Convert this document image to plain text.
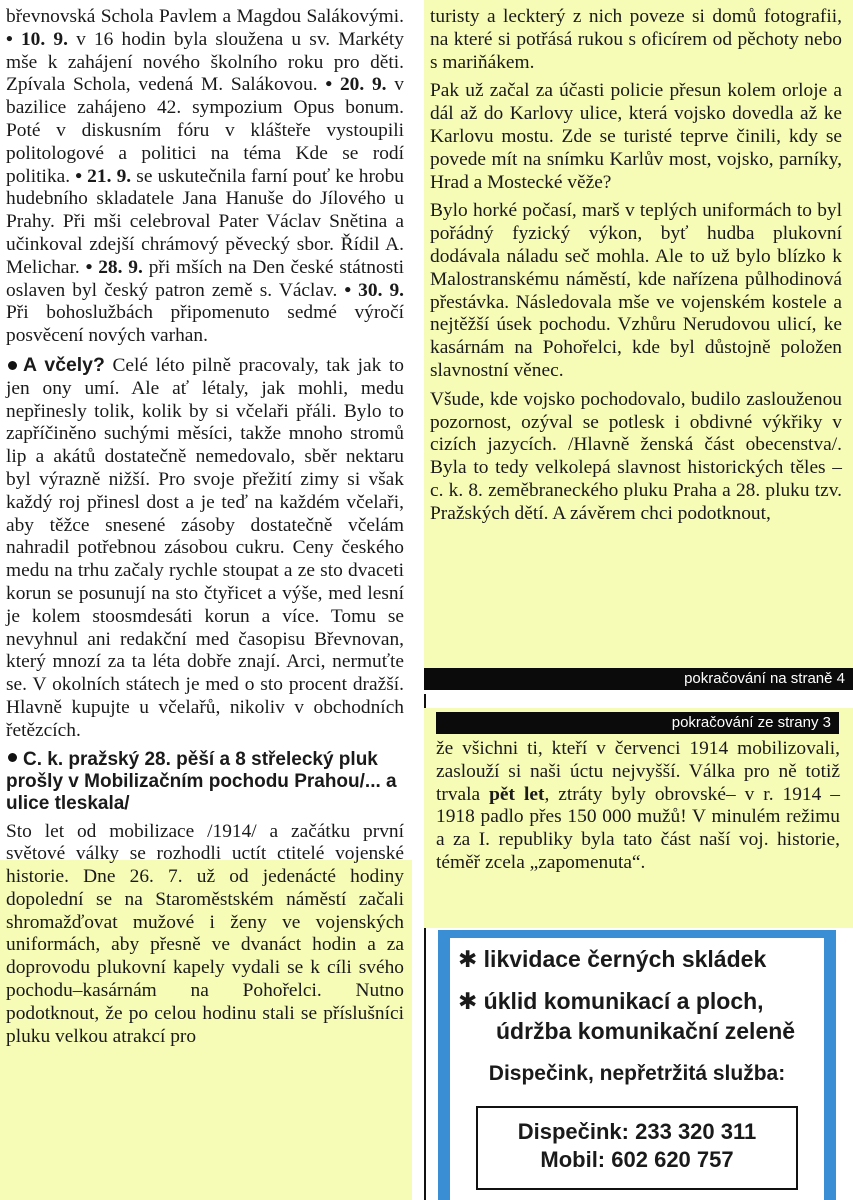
břevnovská Schola Pavlem a Magdou Salákovými. • 10. 9. v 16 hodin byla sloužena u sv. Markéty mše k zahájení nového školního roku pro děti. Zpívala Schola, vedená M. Salákovou. • 20. 9. v bazilice zahájeno 42. sympozium Opus bonum. Poté v diskusním fóru v klášteře vystoupili politologové a politici na téma Kde se rodí politika. • 21. 9. se uskutečnila farní pouť ke hrobu hudebního skladatele Jana Hanuše do Jílového u Prahy. Při mši celebroval Pater Václav Snětina a učinkoval zdejší chrámový pěvecký sbor. Řídil A. Melichar. • 28. 9. při mších na Den české státnosti oslaven byl český patron země s. Václav. • 30. 9. Při bohoslužbách připomenuto sedmé výročí posvěcení nových varhan.
A včely? Celé léto pilně pracovaly, tak jak to jen ony umí. Ale ať létaly, jak mohli, medu nepřinesly tolik, kolik by si včelaři přáli. Bylo to zapříčiněno suchými měsíci, takže mnoho stromů lip a akátů dostatečně nemedovalo, sběr nektaru byl výrazně nižší. Pro svoje přežití zimy si však každý roj přinesl dost a je teď na každém včelaři, aby těžce snesené zásoby dostatečně včelám nahradil potřebnou zásobou cukru. Ceny českého medu na trhu začaly rychle stoupat a ze sto dvaceti korun se posunují na sto čtyřicet a výše, med lesní je kolem stoosmdesáti korun a více. Tomu se nevyhnul ani redakční med časopisu Břevnovan, který mnozí za ta léta dobře znají. Arci, nermuťte se. V okolních státech je med o sto procent dražší. Hlavně kupujte u včelařů, nikoliv v obchodních řetězcích.
C. k. pražský 28. pěší a 8 střelecký pluk prošly v Mobilizačním pochodu Prahou/... a ulice tleskala/
Sto let od mobilizace /1914/ a začátku první světové války se rozhodli uctít ctitelé vojenské historie. Dne 26. 7. už od jedenácté hodiny dopolední se na Staroměstském náměstí začali shromažďovat mužové i ženy ve vojenských uniformách, aby přesně ve dvanáct hodin a za doprovodu plukovní kapely vydali se k cíli svého pochodu–kasárnám na Pohořelci. Nutno podotknout, že po celou hodinu stali se příslušníci pluku velkou atrakcí pro
turisty a leckterý z nich poveze si domů fotografii, na které si potřásá rukou s oficírem od pěchoty nebo s mariňákem.
Pak už začal za účasti policie přesun kolem orloje a dál až do Karlovy ulice, která vojsko dovedla až ke Karlovu mostu. Zde se turisté teprve činili, kdy se povede mít na snímku Karlův most, vojsko, parníky, Hrad a Mostecké věže?
Bylo horké počasí, marš v teplých uniformách to byl pořádný fyzický výkon, byť hudba plukovní dodávala náladu seč mohla. Ale to už bylo blízko k Malostranskému náměstí, kde nařízena půlhodinová přestávka. Následovala mše ve vojenském kostele a nejtěžší úsek pochodu. Vzhůru Nerudovou ulicí, ke kasárnám na Pohořelci, kde byl důstojně položen slavnostní věnec.
Všude, kde vojsko pochodovalo, budilo zaslouženou pozornost, ozýval se potlesk i obdivné výkřiky v cizích jazycích. /Hlavně ženská část obecenstva/. Byla to tedy velkolepá slavnost historických těles – c. k. 8. zeměbraneckého pluku Praha a 28. pluku tzv. Pražských dětí. A závěrem chci podotknout,
pokračování na straně 4
pokračování ze strany 3
že všichni ti, kteří v červenci 1914 mobilizovali, zaslouží si naši úctu nejvyšší. Válka pro ně totiž trvala pět let, ztráty byly obrovské– v r. 1914 – 1918 padlo přes 150 000 mužů! V minulém režimu a za I. republiky byla tato část naší voj. historie, téměř zcela „zapomenuta“.
✱ likvidace černých skládek
✱ úklid komunikací a ploch,
údržba komunikační zeleně
Dispečink, nepřetržitá služba:
Dispečink: 233 320 311
Mobil: 602 620 757
